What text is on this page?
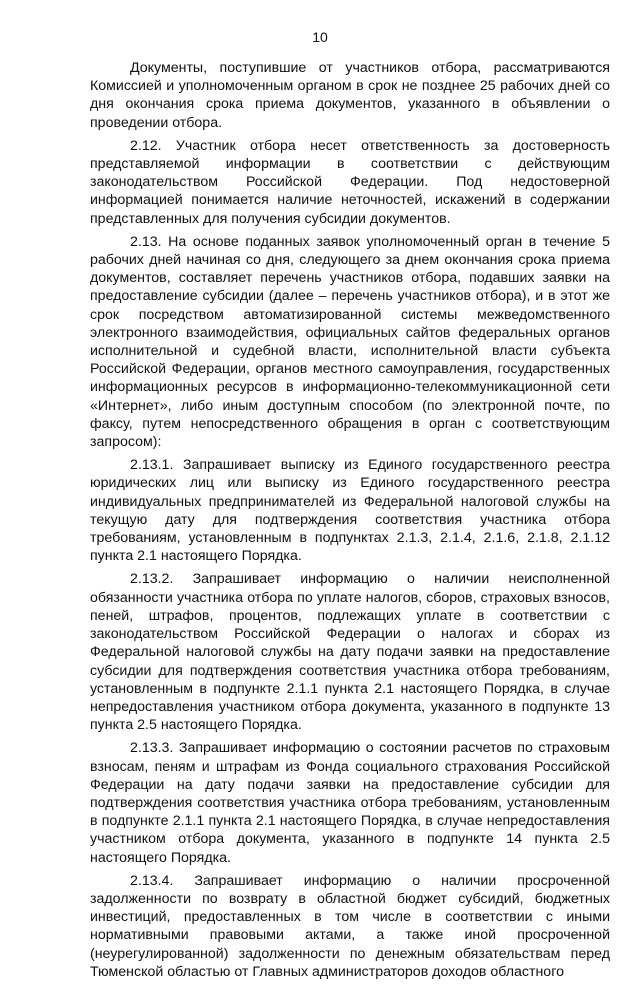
10

Документы, поступившие от участников отбора, рассматриваются Комиссией и уполномоченным органом в срок не позднее 25 рабочих дней со дня окончания срока приема документов, указанного в объявлении о проведении отбора.

2.12. Участник отбора несет ответственность за достоверность представляемой информации в соответствии с действующим законодательством Российской Федерации. Под недостоверной информацией понимается наличие неточностей, искажений в содержании представленных для получения субсидии документов.

2.13. На основе поданных заявок уполномоченный орган в течение 5 рабочих дней начиная со дня, следующего за днем окончания срока приема документов, составляет перечень участников отбора, подавших заявки на предоставление субсидии (далее – перечень участников отбора), и в этот же срок посредством автоматизированной системы межведомственного электронного взаимодействия, официальных сайтов федеральных органов исполнительной и судебной власти, исполнительной власти субъекта Российской Федерации, органов местного самоуправления, государственных информационных ресурсов в информационно-телекоммуникационной сети «Интернет», либо иным доступным способом (по электронной почте, по факсу, путем непосредственного обращения в орган с соответствующим запросом):

2.13.1. Запрашивает выписку из Единого государственного реестра юридических лиц или выписку из Единого государственного реестра индивидуальных предпринимателей из Федеральной налоговой службы на текущую дату для подтверждения соответствия участника отбора требованиям, установленным в подпунктах 2.1.3, 2.1.4, 2.1.6, 2.1.8, 2.1.12 пункта 2.1 настоящего Порядка.

2.13.2. Запрашивает информацию о наличии неисполненной обязанности участника отбора по уплате налогов, сборов, страховых взносов, пеней, штрафов, процентов, подлежащих уплате в соответствии с законодательством Российской Федерации о налогах и сборах из Федеральной налоговой службы на дату подачи заявки на предоставление субсидии для подтверждения соответствия участника отбора требованиям, установленным в подпункте 2.1.1 пункта 2.1 настоящего Порядка, в случае непредоставления участником отбора документа, указанного в подпункте 13 пункта 2.5 настоящего Порядка.

2.13.3. Запрашивает информацию о состоянии расчетов по страховым взносам, пеням и штрафам из Фонда социального страхования Российской Федерации на дату подачи заявки на предоставление субсидии для подтверждения соответствия участника отбора требованиям, установленным в подпункте 2.1.1 пункта 2.1 настоящего Порядка, в случае непредоставления участником отбора документа, указанного в подпункте 14 пункта 2.5 настоящего Порядка.

2.13.4. Запрашивает информацию о наличии просроченной задолженности по возврату в областной бюджет субсидий, бюджетных инвестиций, предоставленных в том числе в соответствии с иными нормативными правовыми актами, а также иной просроченной (неурегулированной) задолженности по денежным обязательствам перед Тюменской областью от Главных администраторов доходов областного
